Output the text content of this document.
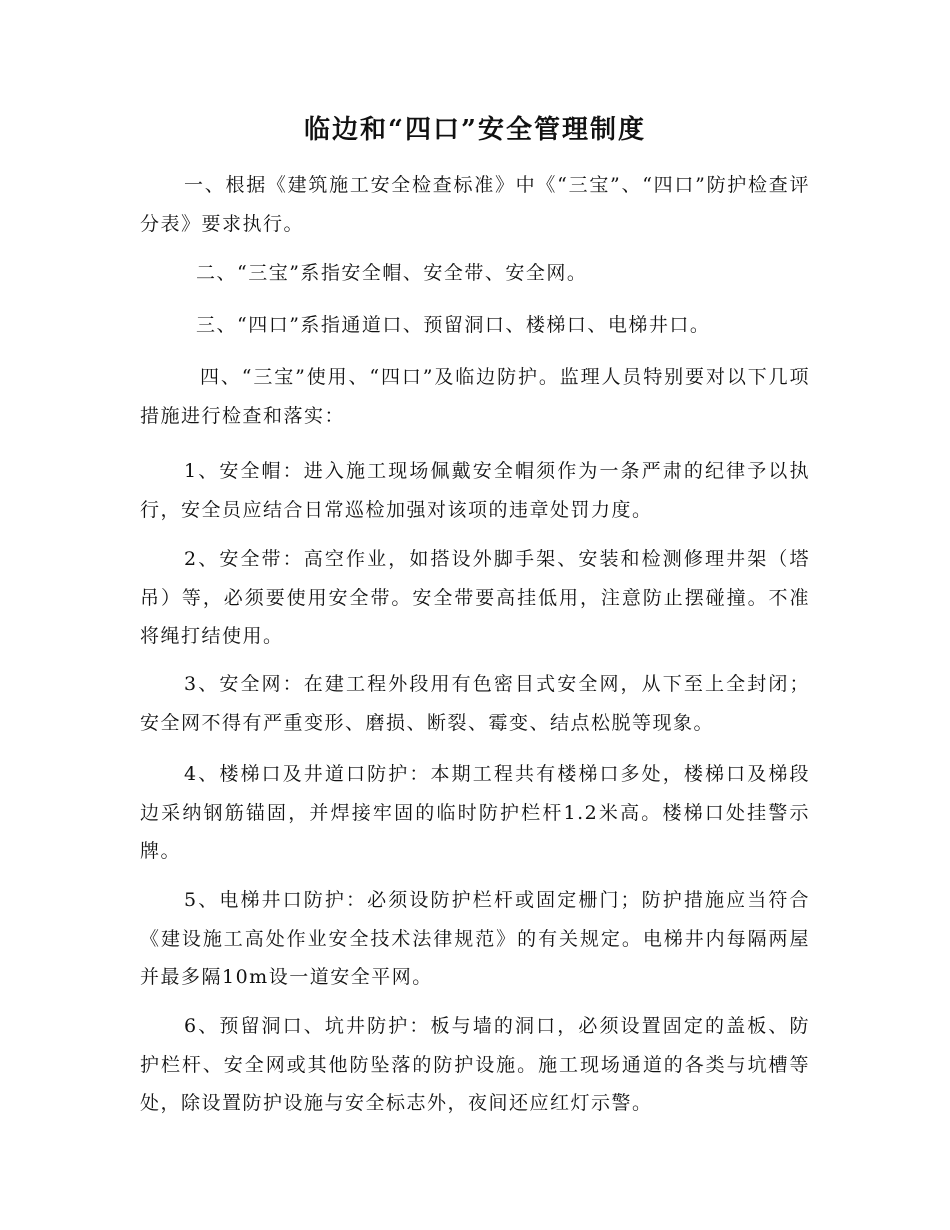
临边和“四口”安全管理制度

一、根据《建筑施工安全检查标准》中《“三宝”、“四口”防护检查评分表》要求执行。

二、“三宝”系指安全帽、安全带、安全网。

三、“四口”系指通道口、预留洞口、楼梯口、电梯井口。

四、“三宝”使用、“四口”及临边防护。监理人员特别要对以下几项措施进行检查和落实：

1、安全帽：进入施工现场佩戴安全帽须作为一条严肃的纪律予以执行，安全员应结合日常巡检加强对该项的违章处罚力度。

2、安全带：高空作业，如搭设外脚手架、安装和检测修理井架（塔吊）等，必须要使用安全带。安全带要高挂低用，注意防止摆碰撞。不准将绳打结使用。

3、安全网：在建工程外段用有色密目式安全网，从下至上全封闭；安全网不得有严重变形、磨损、断裂、霉变、结点松脱等现象。

4、楼梯口及井道口防护：本期工程共有楼梯口多处，楼梯口及梯段边采纳钢筋锚固，并焊接牢固的临时防护栏杆1.2米高。楼梯口处挂警示牌。

5、电梯井口防护：必须设防护栏杆或固定栅门；防护措施应当符合《建设施工高处作业安全技术法律规范》的有关规定。电梯井内每隔两屋并最多隔10m设一道安全平网。

6、预留洞口、坑井防护：板与墙的洞口，必须设置固定的盖板、防护栏杆、安全网或其他防坠落的防护设施。施工现场通道的各类与坑槽等处，除设置防护设施与安全标志外，夜间还应红灯示警。
